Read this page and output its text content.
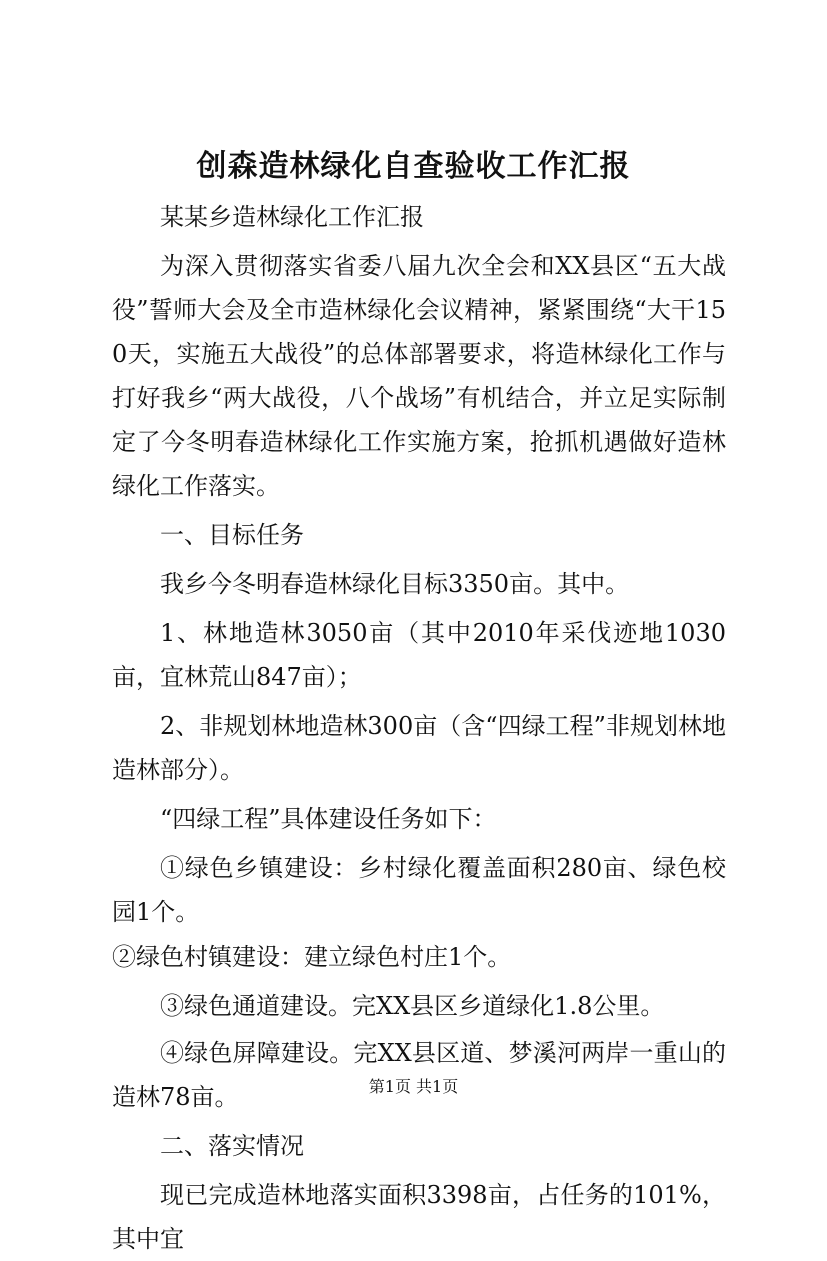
创森造林绿化自查验收工作汇报

某某乡造林绿化工作汇报

为深入贯彻落实省委八届九次全会和XX县区“五大战役”誓师大会及全市造林绿化会议精神，紧紧围绕“大干150天，实施五大战役”的总体部署要求，将造林绿化工作与打好我乡“两大战役，八个战场”有机结合，并立足实际制定了今冬明春造林绿化工作实施方案，抢抓机遇做好造林绿化工作落实。

一、目标任务

我乡今冬明春造林绿化目标3350亩。其中。

1、林地造林3050亩（其中2010年采伐迹地1030亩，宜林荒山847亩）；

2、非规划林地造林300亩（含“四绿工程”非规划林地造林部分）。

“四绿工程”具体建设任务如下：

①绿色乡镇建设：乡村绿化覆盖面积280亩、绿色校园1个。

②绿色村镇建设：建立绿色村庄1个。

③绿色通道建设。完XX县区乡道绿化1.8公里。

④绿色屏障建设。完XX县区道、梦溪河两岸一重山的造林78亩。

二、落实情况

现已完成造林地落实面积3398亩，占任务的101%，其中宜

第1页 共1页
